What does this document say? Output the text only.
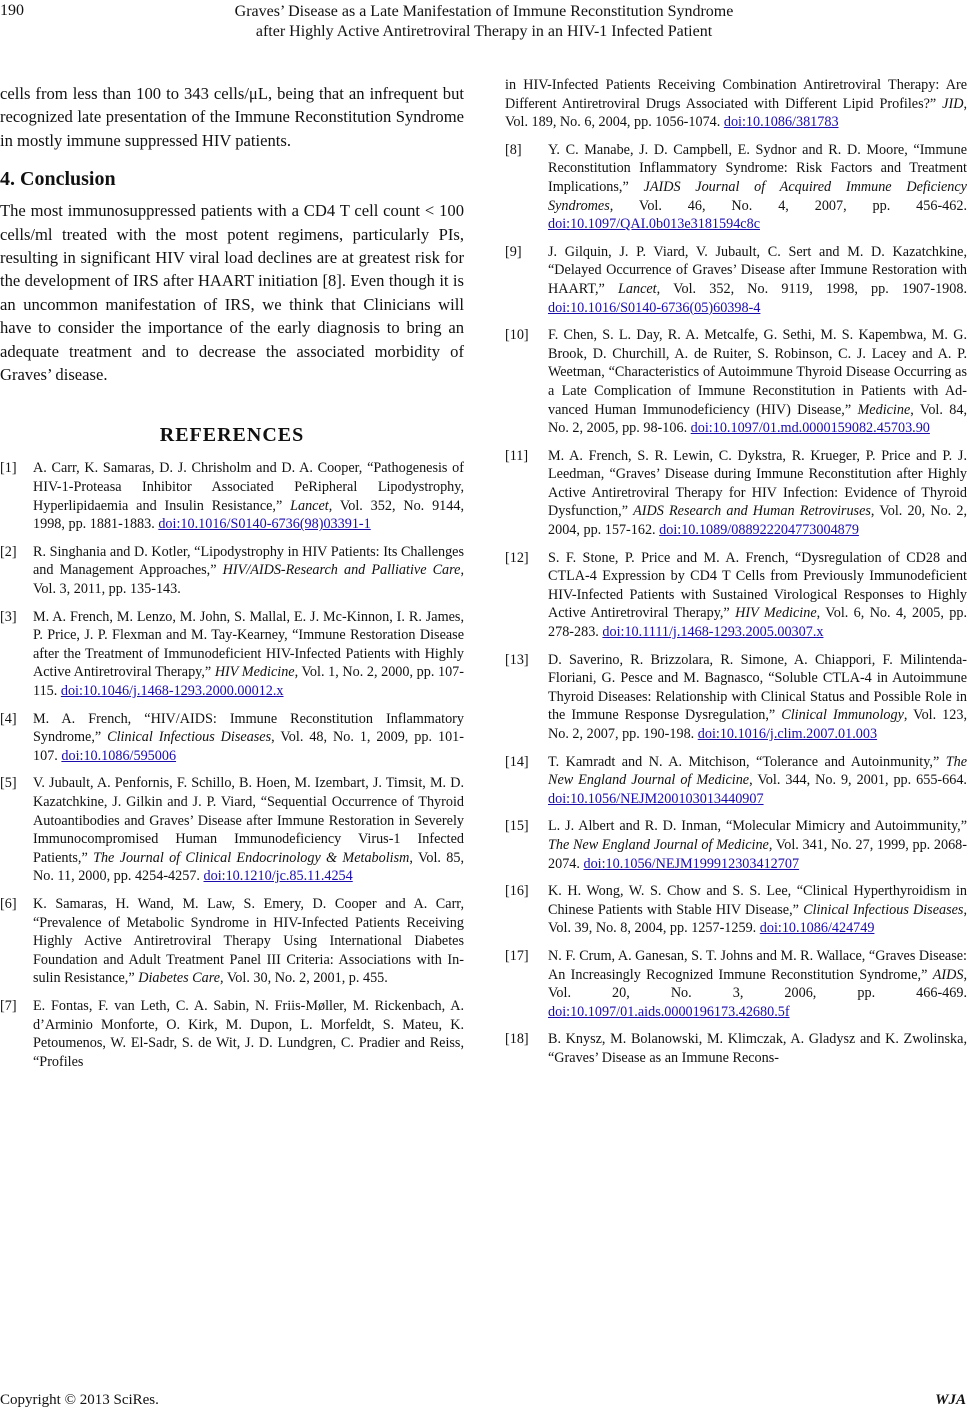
190	Graves’ Disease as a Late Manifestation of Immune Reconstitution Syndrome
after Highly Active Antiretroviral Therapy in an HIV-1 Infected Patient

cells from less than 100 to 343 cells/μL, being that an infrequent but recognized late presentation of the Immune Reconstitution Syndrome in mostly immune suppressed HIV patients.

4. Conclusion

The most immunosuppressed patients with a CD4 T cell count < 100 cells/ml treated with the most potent regimens, particularly PIs, resulting in significant HIV viral load declines are at greatest risk for the development of IRS after HAART initiation [8]. Even though it is an uncommon manifestation of IRS, we think that Clinicians will have to consider the importance of the early diagnosis to bring an adequate treatment and to decrease the associated morbidity of Graves’ disease.

REFERENCES
[1]	A. Carr, K. Samaras, D. J. Chrisholm and D. A. Cooper, “Pathogenesis of HIV-1-Proteasa Inhibitor Associated PeRipheral Lipodystrophy, Hyperlipidaemia and Insulin Resistance,” Lancet, Vol. 352, No. 9144, 1998, pp. 1881-1883. doi:10.1016/S0140-6736(98)03391-1
[2]	R. Singhania and D. Kotler, “Lipodystrophy in HIV Patients: Its Challenges and Management Approaches,” HIV/AIDS-Research and Palliative Care, Vol. 3, 2011, pp. 135-143.
[3]	M. A. French, M. Lenzo, M. John, S. Mallal, E. J. Mc-Kinnon, I. R. James, P. Price, J. P. Flexman and M. Tay-Kearney, “Immune Restoration Disease after the Treatment of Immunodeficient HIV-Infected Patients with Highly Active Antiretroviral Therapy,” HIV Medicine, Vol. 1, No. 2, 2000, pp. 107-115. doi:10.1046/j.1468-1293.2000.00012.x
[4]	M. A. French, “HIV/AIDS: Immune Reconstitution Inflammatory Syndrome,” Clinical Infectious Diseases, Vol. 48, No. 1, 2009, pp. 101-107. doi:10.1086/595006
[5]	V. Jubault, A. Penfornis, F. Schillo, B. Hoen, M. Izembart, J. Timsit, M. D. Kazatchkine, J. Gilkin and J. P. Viard, “Sequential Occurrence of Thyroid Autoantibodies and Graves’ Disease after Immune Restoration in Severely Immunocompromised Human Immunodeficiency Virus-1 Infected Patients,” The Journal of Clinical Endocrinology & Metabolism, Vol. 85, No. 11, 2000, pp. 4254-4257. doi:10.1210/jc.85.11.4254
[6]	K. Samaras, H. Wand, M. Law, S. Emery, D. Cooper and A. Carr, “Prevalence of Metabolic Syndrome in HIV-Infected Patients Receiving Highly Active Antiretroviral Therapy Using International Diabetes Foundation and Adult Treatment Panel III Criteria: Associations with Insulin Resistance,” Diabetes Care, Vol. 30, No. 2, 2001, p. 455.
[7]	E. Fontas, F. van Leth, C. A. Sabin, N. Friis-Møller, M. Rickenbach, A. d’Arminio Monforte, O. Kirk, M. Dupon, L. Morfeldt, S. Mateu, K. Petoumenos, W. El-Sadr, S. de Wit, J. D. Lundgren, C. Pradier and Reiss, “Profiles
in HIV-Infected Patients Receiving Combination Antiretroviral Therapy: Are Different Antiretroviral Drugs Associated with Different Lipid Profiles?” JID, Vol. 189, No. 6, 2004, pp. 1056-1074. doi:10.1086/381783
[8]	Y. C. Manabe, J. D. Campbell, E. Sydnor and R. D. Moore, “Immune Reconstitution Inflammatory Syndrome: Risk Factors and Treatment Implications,” JAIDS Journal of Acquired Immune Deficiency Syndromes, Vol. 46, No. 4, 2007, pp. 456-462. doi:10.1097/QAI.0b013e3181594c8c
[9]	J. Gilquin, J. P. Viard, V. Jubault, C. Sert and M. D. Kazatchkine, “Delayed Occurrence of Graves’ Disease after Immune Restoration with HAART,” Lancet, Vol. 352, No. 9119, 1998, pp. 1907-1908. doi:10.1016/S0140-6736(05)60398-4
[10]	F. Chen, S. L. Day, R. A. Metcalfe, G. Sethi, M. S. Kapembwa, M. G. Brook, D. Churchill, A. de Ruiter, S. Robinson, C. J. Lacey and A. P. Weetman, “Characteristics of Autoimmune Thyroid Disease Occurring as a Late Complication of Immune Reconstitution in Patients with Advanced Human Immunodeficiency (HIV) Disease,” Medicine, Vol. 84, No. 2, 2005, pp. 98-106. doi:10.1097/01.md.0000159082.45703.90
[11]	M. A. French, S. R. Lewin, C. Dykstra, R. Krueger, P. Price and P. J. Leedman, “Graves’ Disease during Immune Reconstitution after Highly Active Antiretroviral Therapy for HIV Infection: Evidence of Thyroid Dysfunction,” AIDS Research and Human Retroviruses, Vol. 20, No. 2, 2004, pp. 157-162. doi:10.1089/088922204773004879
[12]	S. F. Stone, P. Price and M. A. French, “Dysregulation of CD28 and CTLA-4 Expression by CD4 T Cells from Previously Immunodeficient HIV-Infected Patients with Sustained Virological Responses to Highly Active Antiretroviral Therapy,” HIV Medicine, Vol. 6, No. 4, 2005, pp. 278-283. doi:10.1111/j.1468-1293.2005.00307.x
[13]	D. Saverino, R. Brizzolara, R. Simone, A. Chiappori, F. Milintenda-Floriani, G. Pesce and M. Bagnasco, “Soluble CTLA-4 in Autoimmune Thyroid Diseases: Relationship with Clinical Status and Possible Role in the Immune Response Dysregulation,” Clinical Immunology, Vol. 123, No. 2, 2007, pp. 190-198. doi:10.1016/j.clim.2007.01.003
[14]	T. Kamradt and N. A. Mitchison, “Tolerance and Autoinmunity,” The New England Journal of Medicine, Vol. 344, No. 9, 2001, pp. 655-664. doi:10.1056/NEJM200103013440907
[15]	L. J. Albert and R. D. Inman, “Molecular Mimicry and Autoimmunity,” The New England Journal of Medicine, Vol. 341, No. 27, 1999, pp. 2068-2074. doi:10.1056/NEJM199912303412707
[16]	K. H. Wong, W. S. Chow and S. S. Lee, “Clinical Hyperthyroidism in Chinese Patients with Stable HIV Disease,” Clinical Infectious Diseases, Vol. 39, No. 8, 2004, pp. 1257-1259. doi:10.1086/424749
[17]	N. F. Crum, A. Ganesan, S. T. Johns and M. R. Wallace, “Graves Disease: An Increasingly Recognized Immune Reconstitution Syndrome,” AIDS, Vol. 20, No. 3, 2006, pp. 466-469. doi:10.1097/01.aids.0000196173.42680.5f
[18]	B. Knysz, M. Bolanowski, M. Klimczak, A. Gladysz and K. Zwolinska, “Graves’ Disease as an Immune Recons-
Copyright © 2013 SciRes.	WJA
